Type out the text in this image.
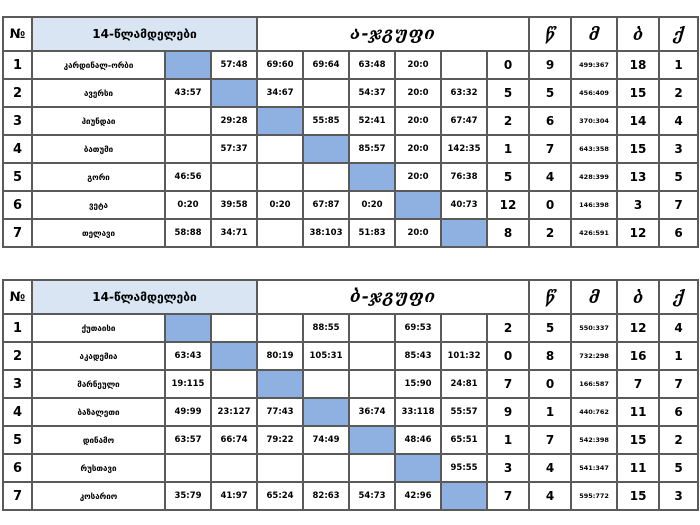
№	14-წლამდელები			ა-ჯგუფი						წ	მ	ბ	ქ	
1	კარდინალ-ორბი		57:48	69:60	69:64	63:48	20:0		0	9	499:367	18	1	
2	ავერსი	43:57		34:67		54:37	20:0	63:32	5	5	456:409	15	2	
3	ჰიუნდაი		29:28		55:85	52:41	20:0	67:47	2	6	370:304	14	4	
4	ბათუმი		57:37			85:57	20:0	142:35	1	7	643:358	15	3	
5	გორი	46:56					20:0	76:38	5	4	428:399	13	5	
6	ვეტა	0:20	39:58	0:20	67:87	0:20		40:73	12	0	146:398	3	7	
7	თელავი	58:88	34:71		38:103	51:83	20:0		8	2	426:591	12	6	
№	14-წლამდელები			ბ-ჯგუფი						წ	მ	ბ	ქ	
1	ქუთაისი				88:55		69:53		2	5	550:337	12	4	
2	აკადემია	63:43		80:19	105:31		85:43	101:32	0	8	732:298	16	1	
3	მარნეული	19:115					15:90	24:81	7	0	166:587	7	7	
4	ბაზალეთი	49:99	23:127	77:43		36:74	33:118	55:57	9	1	440:762	11	6	
5	დინამო	63:57	66:74	79:22	74:49		48:46	65:51	1	7	542:398	15	2	
6	რუსთავი							95:55	3	4	541:347	11	5	
7	კოსარიო	35:79	41:97	65:24	82:63	54:73	42:96		7	4	595:772	15	3	
